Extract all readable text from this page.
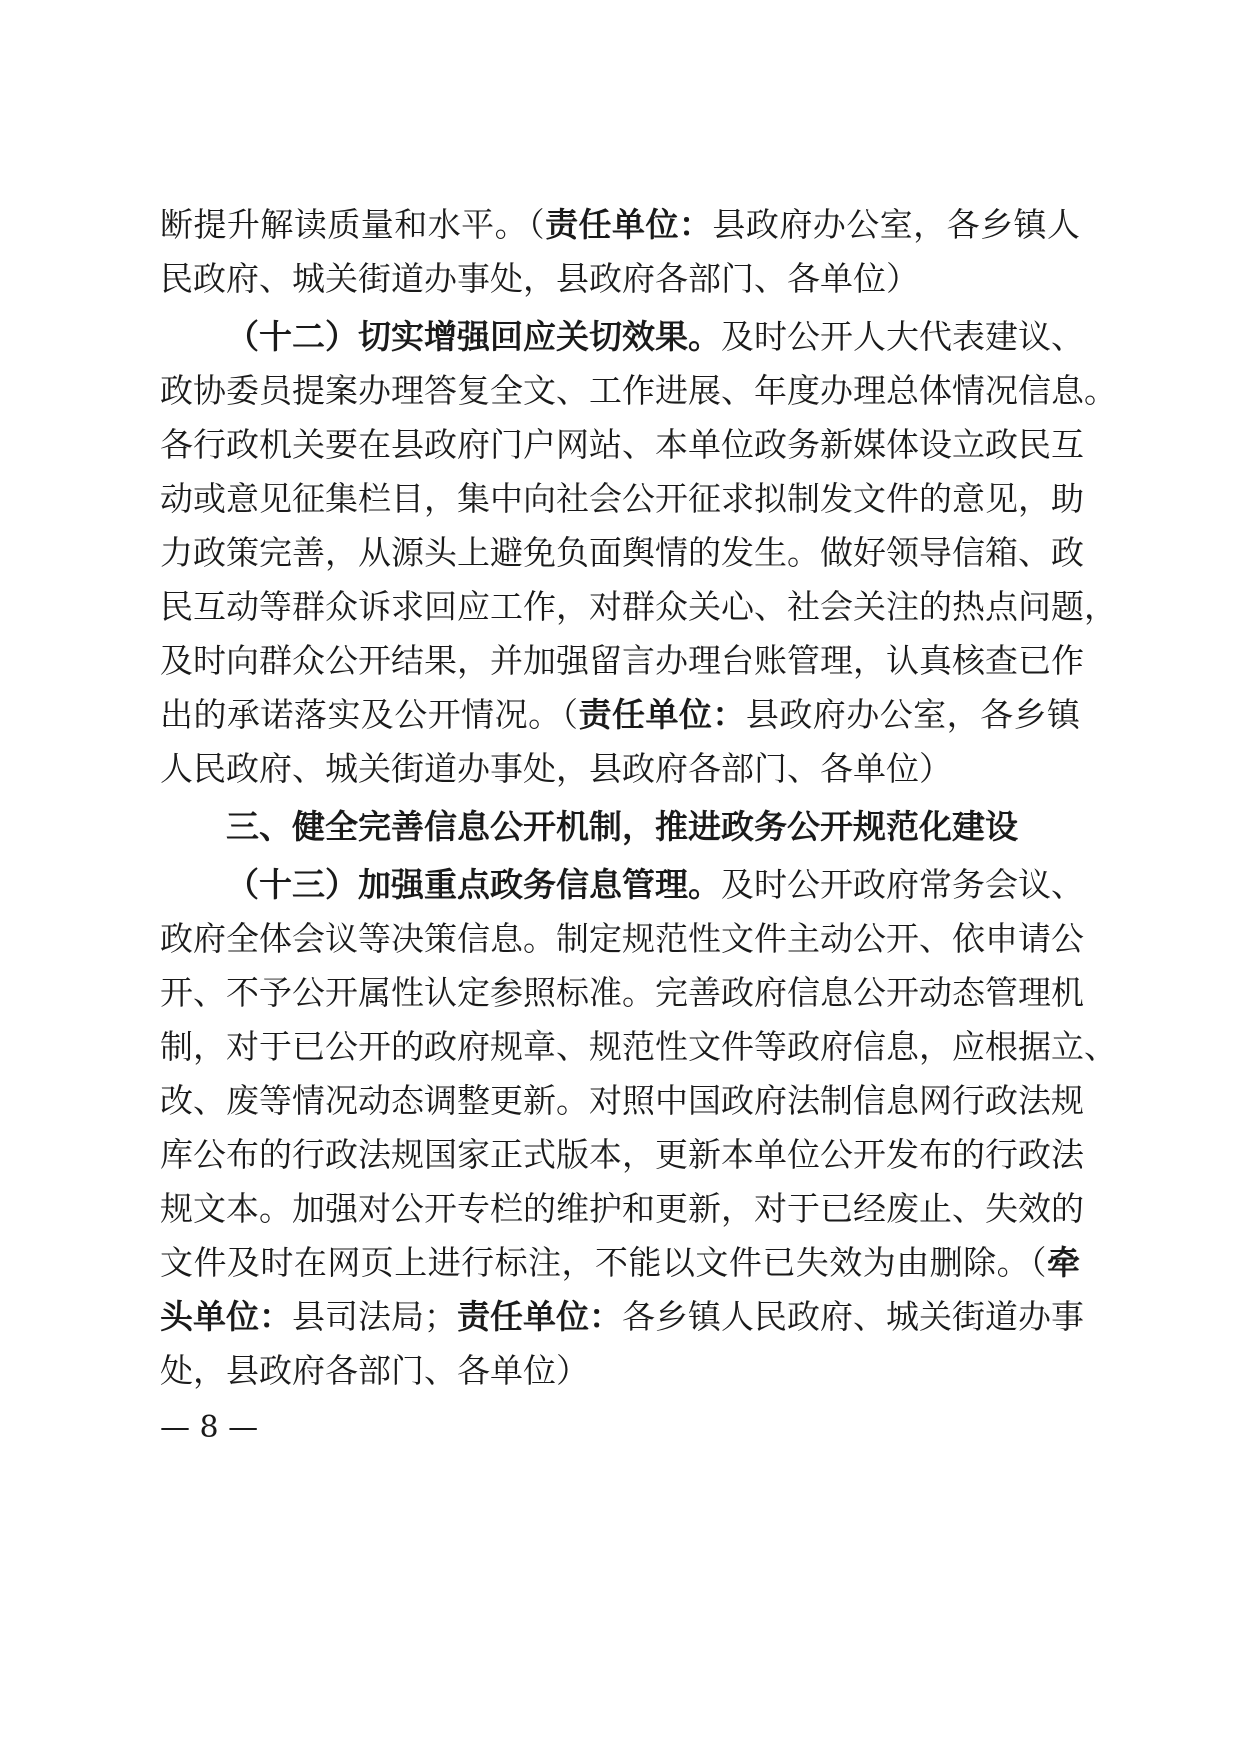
断提升解读质量和水平。（责任单位：县政府办公室，各乡镇人
民政府、城关街道办事处，县政府各部门、各单位）
（十二）切实增强回应关切效果。及时公开人大代表建议、
政协委员提案办理答复全文、工作进展、年度办理总体情况信息。
各行政机关要在县政府门户网站、本单位政务新媒体设立政民互
动或意见征集栏目，集中向社会公开征求拟制发文件的意见，助
力政策完善，从源头上避免负面舆情的发生。做好领导信箱、政
民互动等群众诉求回应工作，对群众关心、社会关注的热点问题，
及时向群众公开结果，并加强留言办理台账管理，认真核查已作
出的承诺落实及公开情况。（责任单位：县政府办公室，各乡镇
人民政府、城关街道办事处，县政府各部门、各单位）
三、健全完善信息公开机制，推进政务公开规范化建设
（十三）加强重点政务信息管理。及时公开政府常务会议、
政府全体会议等决策信息。制定规范性文件主动公开、依申请公
开、不予公开属性认定参照标准。完善政府信息公开动态管理机
制，对于已公开的政府规章、规范性文件等政府信息，应根据立、
改、废等情况动态调整更新。对照中国政府法制信息网行政法规
库公布的行政法规国家正式版本，更新本单位公开发布的行政法
规文本。加强对公开专栏的维护和更新，对于已经废止、失效的
文件及时在网页上进行标注，不能以文件已失效为由删除。（牵
头单位：县司法局；责任单位：各乡镇人民政府、城关街道办事
处，县政府各部门、各单位）
— 8 —
